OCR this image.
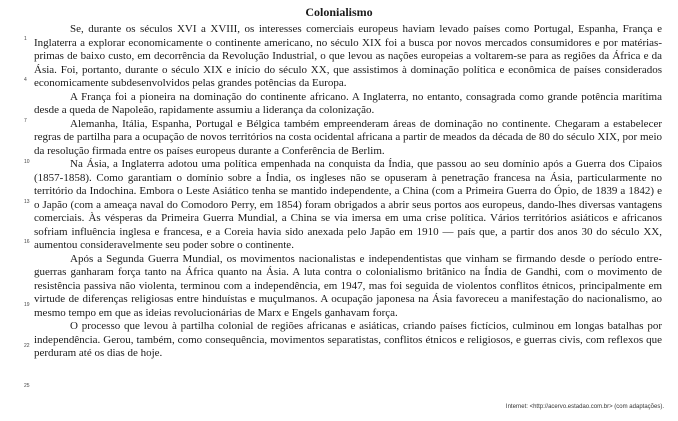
Colonialismo
1
4
7
10
13
16
19
22
25

Se, durante os séculos XVI a XVIII, os interesses comerciais europeus haviam levado países como Portugal, Espanha, França e Inglaterra a explorar economicamente o continente americano, no século XIX foi a busca por novos mercados consumidores e por matérias-primas de baixo custo, em decorrência da Revolução Industrial, o que levou as nações europeias a voltarem-se para as regiões da África e da Ásia. Foi, portanto, durante o século XIX e início do século XX, que assistimos à dominação política e econômica de países considerados economicamente subdesenvolvidos pelas grandes potências da Europa.

A França foi a pioneira na dominação do continente africano. A Inglaterra, no entanto, consagrada como grande potência marítima desde a queda de Napoleão, rapidamente assumiu a liderança da colonização.

Alemanha, Itália, Espanha, Portugal e Bélgica também empreenderam áreas de dominação no continente. Chegaram a estabelecer regras de partilha para a ocupação de novos territórios na costa ocidental africana a partir de meados da década de 80 do século XIX, por meio da resolução firmada entre os países europeus durante a Conferência de Berlim.

Na Ásia, a Inglaterra adotou uma política empenhada na conquista da Índia, que passou ao seu domínio após a Guerra dos Cipaios (1857-1858). Como garantiam o domínio sobre a Índia, os ingleses não se opuseram à penetração francesa na Ásia, particularmente no território da Indochina. Embora o Leste Asiático tenha se mantido independente, a China (com a Primeira Guerra do Ópio, de 1839 a 1842) e o Japão (com a ameaça naval do Comodoro Perry, em 1854) foram obrigados a abrir seus portos aos europeus, dando-lhes diversas vantagens comerciais. Às vésperas da Primeira Guerra Mundial, a China se via imersa em uma crise política. Vários territórios asiáticos e africanos sofriam influência inglesa e francesa, e a Coreia havia sido anexada pelo Japão em 1910 — país que, a partir dos anos 30 do século XX, aumentou consideravelmente seu poder sobre o continente.

Após a Segunda Guerra Mundial, os movimentos nacionalistas e independentistas que vinham se firmando desde o período entre-guerras ganharam força tanto na África quanto na Ásia. A luta contra o colonialismo britânico na Índia de Gandhi, com o movimento de resistência passiva não violenta, terminou com a independência, em 1947, mas foi seguida de violentos conflitos étnicos, principalmente em virtude de diferenças religiosas entre hinduístas e muçulmanos. A ocupação japonesa na Ásia favoreceu a manifestação do nacionalismo, ao mesmo tempo em que as ideias revolucionárias de Marx e Engels ganhavam força.

O processo que levou à partilha colonial de regiões africanas e asiáticas, criando países fictícios, culminou em longas batalhas por independência. Gerou, também, como consequência, movimentos separatistas, conflitos étnicos e religiosos, e guerras civis, com reflexos que perduram até os dias de hoje.

Internet: <http://acervo.estadao.com.br> (com adaptações).
